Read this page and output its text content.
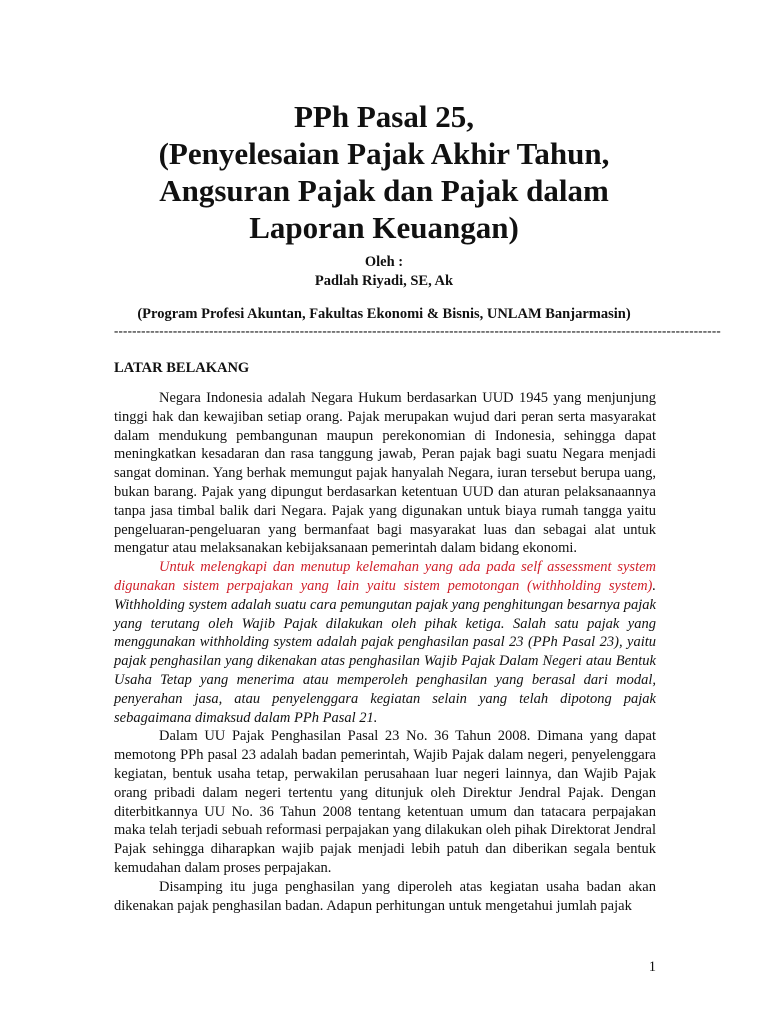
PPh Pasal 25,
(Penyelesaian Pajak Akhir Tahun,
Angsuran Pajak dan Pajak dalam
Laporan Keuangan)
Oleh :
Padlah Riyadi, SE, Ak
(Program Profesi Akuntan, Fakultas Ekonomi & Bisnis, UNLAM Banjarmasin)
--------------------------------------------------------------------------------------------------------------------------------------
LATAR BELAKANG

Negara Indonesia adalah Negara Hukum berdasarkan UUD 1945 yang menjunjung tinggi hak dan kewajiban setiap orang. Pajak merupakan wujud dari peran serta masyarakat dalam mendukung pembangunan maupun perekonomian di Indonesia, sehingga dapat meningkatkan kesadaran dan rasa tanggung jawab, Peran pajak bagi suatu Negara menjadi sangat dominan. Yang berhak memungut pajak hanyalah Negara, iuran tersebut berupa uang, bukan barang. Pajak yang dipungut berdasarkan ketentuan UUD dan aturan pelaksanaannya tanpa jasa timbal balik dari Negara. Pajak yang digunakan untuk biaya rumah tangga yaitu pengeluaran-pengeluaran yang bermanfaat bagi masyarakat luas dan sebagai alat untuk mengatur atau melaksanakan kebijaksanaan pemerintah dalam bidang ekonomi.

Untuk melengkapi dan menutup kelemahan yang ada pada self assessment system digunakan sistem perpajakan yang lain yaitu sistem pemotongan (withholding system). Withholding system adalah suatu cara pemungutan pajak yang penghitungan besarnya pajak yang terutang oleh Wajib Pajak dilakukan oleh pihak ketiga. Salah satu pajak yang menggunakan withholding system adalah pajak penghasilan pasal 23 (PPh Pasal 23), yaitu pajak penghasilan yang dikenakan atas penghasilan Wajib Pajak Dalam Negeri atau Bentuk Usaha Tetap yang menerima atau memperoleh penghasilan yang berasal dari modal, penyerahan jasa, atau penyelenggara kegiatan selain yang telah dipotong pajak sebagaimana dimaksud dalam PPh Pasal 21.

Dalam UU Pajak Penghasilan Pasal 23 No. 36 Tahun 2008. Dimana yang dapat memotong PPh pasal 23 adalah badan pemerintah, Wajib Pajak dalam negeri, penyelenggara kegiatan, bentuk usaha tetap, perwakilan perusahaan luar negeri lainnya, dan Wajib Pajak orang pribadi dalam negeri tertentu yang ditunjuk oleh Direktur Jendral Pajak. Dengan diterbitkannya UU No. 36 Tahun 2008 tentang ketentuan umum dan tatacara perpajakan maka telah terjadi sebuah reformasi perpajakan yang dilakukan oleh pihak Direktorat Jendral Pajak sehingga diharapkan wajib pajak menjadi lebih patuh dan diberikan segala bentuk kemudahan dalam proses perpajakan.

Disamping itu juga penghasilan yang diperoleh atas kegiatan usaha badan akan dikenakan pajak penghasilan badan. Adapun perhitungan untuk mengetahui jumlah pajak

1
